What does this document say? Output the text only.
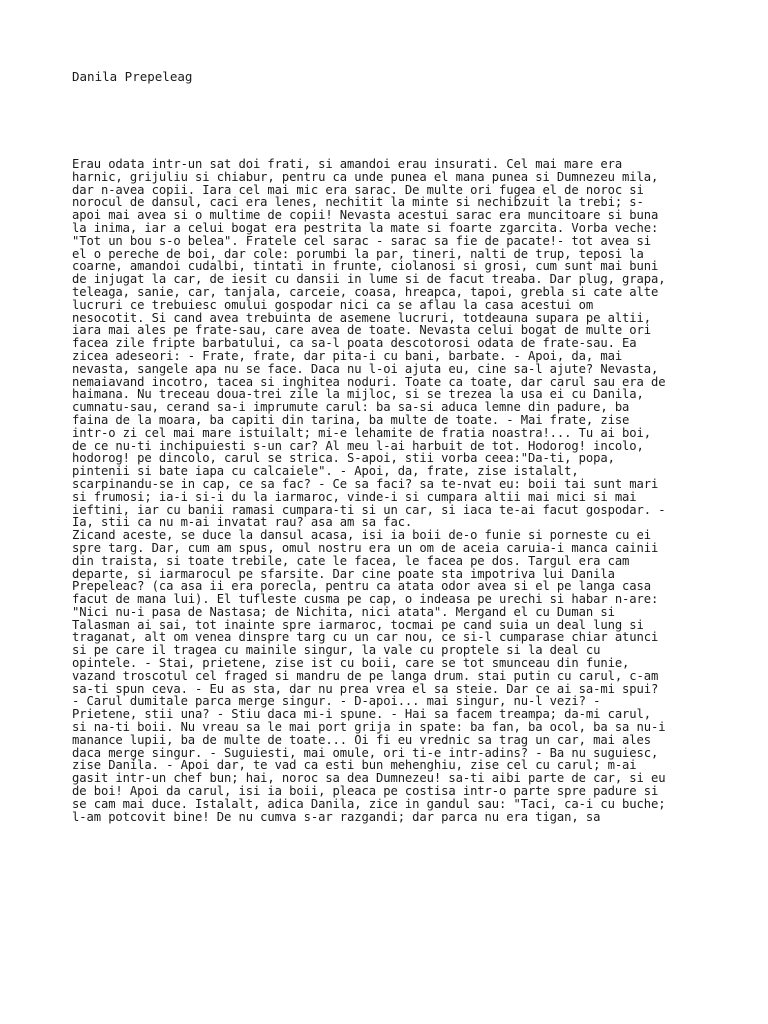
Danila Prepeleag
Erau odata intr-un sat doi frati, si amandoi erau insurati. Cel mai mare era
harnic, grijuliu si chiabur, pentru ca unde punea el mana punea si Dumnezeu mila,
dar n-avea copii. Iara cel mai mic era sarac. De multe ori fugea el de noroc si
norocul de dansul, caci era lenes, nechitit la minte si nechibzuit la trebi; s-
apoi mai avea si o multime de copii! Nevasta acestui sarac era muncitoare si buna
la inima, iar a celui bogat era pestrita la mate si foarte zgarcita. Vorba veche:
"Tot un bou s-o belea". Fratele cel sarac - sarac sa fie de pacate!- tot avea si
el o pereche de boi, dar cole: porumbi la par, tineri, nalti de trup, teposi la
coarne, amandoi cudalbi, tintati in frunte, ciolanosi si grosi, cum sunt mai buni
de injugat la car, de iesit cu dansii in lume si de facut treaba. Dar plug, grapa,
teleaga, sanie, car, tanjala, carceie, coasa, hreapca, tapoi, grebla si cate alte
lucruri ce trebuiesc omului gospodar nici ca se aflau la casa acestui om
nesocotit. Si cand avea trebuinta de asemene lucruri, totdeauna supara pe altii,
iara mai ales pe frate-sau, care avea de toate. Nevasta celui bogat de multe ori
facea zile fripte barbatului, ca sa-l poata descotorosi odata de frate-sau. Ea
zicea adeseori: - Frate, frate, dar pita-i cu bani, barbate. - Apoi, da, mai
nevasta, sangele apa nu se face. Daca nu l-oi ajuta eu, cine sa-l ajute? Nevasta,
nemaiavand incotro, tacea si inghitea noduri. Toate ca toate, dar carul sau era de
haimana. Nu treceau doua-trei zile la mijloc, si se trezea la usa ei cu Danila,
cumnatu-sau, cerand sa-i imprumute carul: ba sa-si aduca lemne din padure, ba
faina de la moara, ba capiti din tarina, ba multe de toate. - Mai frate, zise
intr-o zi cel mai mare istuilalt; mi-e lehamite de fratia noastra!... Tu ai boi,
de ce nu-ti inchipuiesti s-un car? Al meu l-ai harbuit de tot. Hodorog! incolo,
hodorog! pe dincolo, carul se strica. S-apoi, stii vorba ceea:"Da-ti, popa,
pintenii si bate iapa cu calcaiele". - Apoi, da, frate, zise istalalt,
scarpinandu-se in cap, ce sa fac? - Ce sa faci? sa te-nvat eu: boii tai sunt mari
si frumosi; ia-i si-i du la iarmaroc, vinde-i si cumpara altii mai mici si mai
ieftini, iar cu banii ramasi cumpara-ti si un car, si iaca te-ai facut gospodar. -
Ia, stii ca nu m-ai invatat rau? asa am sa fac.
Zicand aceste, se duce la dansul acasa, isi ia boii de-o funie si porneste cu ei
spre targ. Dar, cum am spus, omul nostru era un om de aceia caruia-i manca cainii
din traista, si toate trebile, cate le facea, le facea pe dos. Targul era cam
departe, si iarmarocul pe sfarsite. Dar cine poate sta impotriva lui Danila
Prepeleac? (ca asa ii era porecla, pentru ca atata odor avea si el pe langa casa
facut de mana lui). El tufleste cusma pe cap, o indeasa pe urechi si habar n-are:
"Nici nu-i pasa de Nastasa; de Nichita, nici atata". Mergand el cu Duman si
Talasman ai sai, tot inainte spre iarmaroc, tocmai pe cand suia un deal lung si
traganat, alt om venea dinspre targ cu un car nou, ce si-l cumparase chiar atunci
si pe care il tragea cu mainile singur, la vale cu proptele si la deal cu
opintele. - Stai, prietene, zise ist cu boii, care se tot smunceau din funie,
vazand troscotul cel fraged si mandru de pe langa drum. stai putin cu carul, c-am
sa-ti spun ceva. - Eu as sta, dar nu prea vrea el sa steie. Dar ce ai sa-mi spui?
- Carul dumitale parca merge singur. - D-apoi... mai singur, nu-l vezi? -
Prietene, stii una? - Stiu daca mi-i spune. - Hai sa facem treampa; da-mi carul,
si na-ti boii. Nu vreau sa le mai port grija in spate: ba fan, ba ocol, ba sa nu-i
manance lupii, ba de multe de toate... Oi fi eu vrednic sa trag un car, mai ales
daca merge singur. - Suguiesti, mai omule, ori ti-e intr-adins? - Ba nu suguiesc,
zise Danila. - Apoi dar, te vad ca esti bun mehenghiu, zise cel cu carul; m-ai
gasit intr-un chef bun; hai, noroc sa dea Dumnezeu! sa-ti aibi parte de car, si eu
de boi! Apoi da carul, isi ia boii, pleaca pe costisa intr-o parte spre padure si
se cam mai duce. Istalalt, adica Danila, zice in gandul sau: "Taci, ca-i cu buche;
l-am potcovit bine! De nu cumva s-ar razgandi; dar parca nu era tigan, sa
